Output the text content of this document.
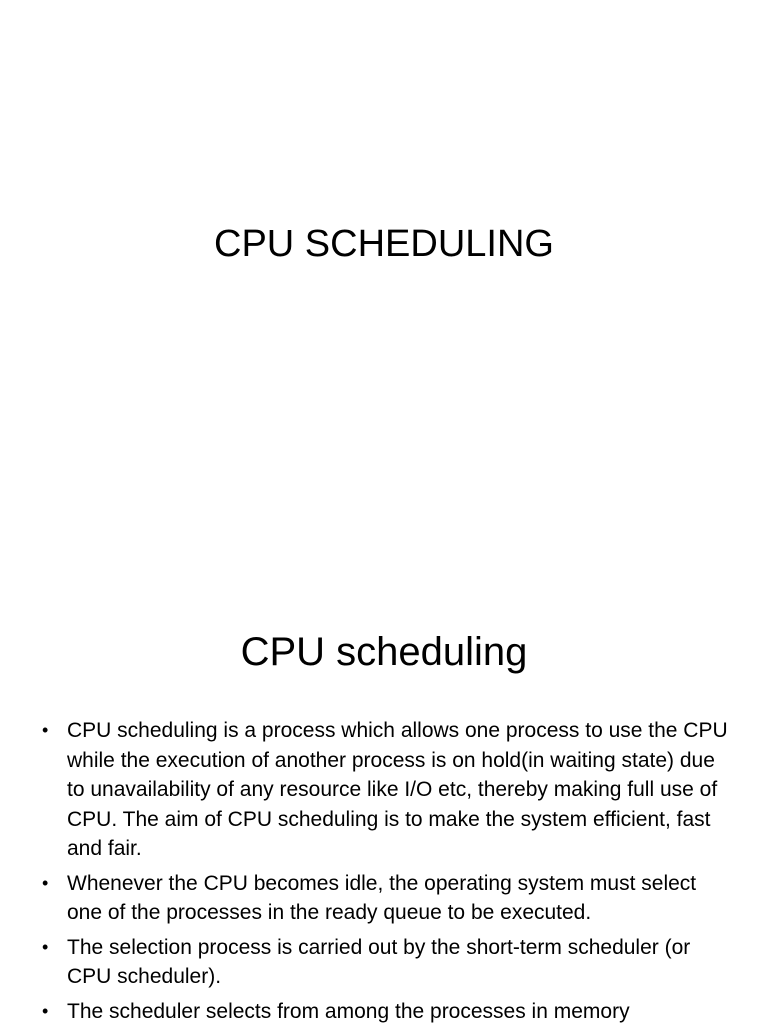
CPU SCHEDULING
CPU scheduling
• CPU scheduling is a process which allows one process to use the CPU while the execution of another process is on hold(in waiting state) due to unavailability of any resource like I/O etc, thereby making full use of CPU. The aim of CPU scheduling is to make the system efficient, fast and fair.
• Whenever the CPU becomes idle, the operating system must select one of the processes in the ready queue to be executed.
• The selection process is carried out by the short-term scheduler (or CPU scheduler).
• The scheduler selects from among the processes in memory
